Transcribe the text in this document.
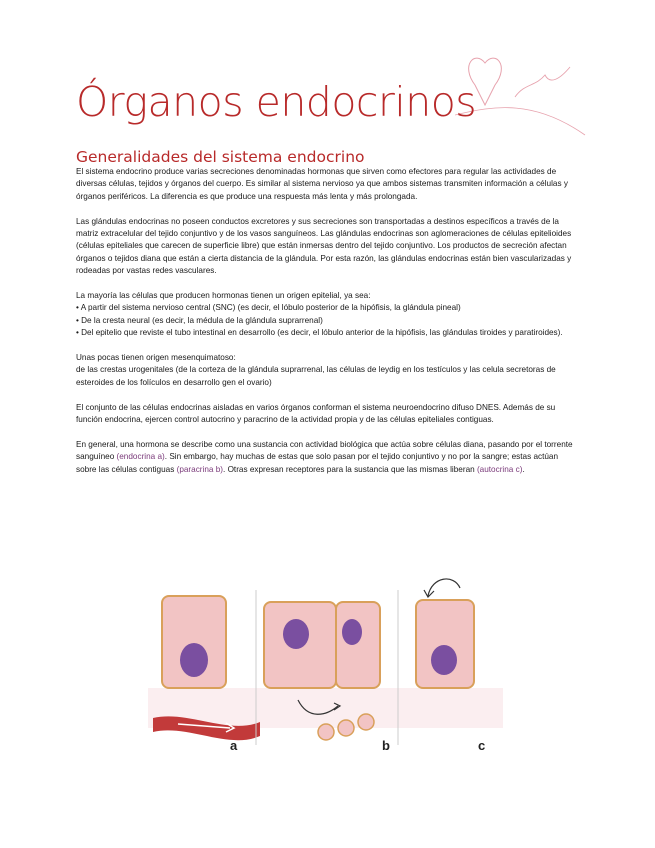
Órganos endocrinos
Generalidades del sistema endocrino

El sistema endocrino produce varias secreciones denominadas hormonas que sirven como efectores para regular las actividades de diversas células, tejidos y órganos del cuerpo. Es similar al sistema nervioso ya que ambos sistemas transmiten información a células y órganos periféricos. La diferencia es que produce una respuesta más lenta y más prolongada.

Las glándulas endocrinas no poseen conductos excretores y sus secreciones son transportadas a destinos específicos a través de la matriz extracelular del tejido conjuntivo y de los vasos sanguíneos. Las glándulas endocrinas son aglomeraciones de células epitelioides (células epiteliales que carecen de superficie libre) que están inmersas dentro del tejido conjuntivo. Los productos de secreción afectan órganos o tejidos diana que están a cierta distancia de la glándula. Por esta razón, las glándulas endocrinas están bien vascularizadas y rodeadas por vastas redes vasculares.

La mayoría las células que producen hormonas tienen un origen epitelial, ya sea:
• A partir del sistema nervioso central (SNC) (es decir, el lóbulo posterior de la hipófisis, la glándula pineal)
• De la cresta neural (es decir, la médula de la glándula suprarrenal)
• Del epitelio que reviste el tubo intestinal en desarrollo (es decir, el lóbulo anterior de la hipófisis, las glándulas tiroides y paratiroides).
Unas pocas tienen origen mesenquimatoso:
de las crestas urogenitales (de la corteza de la glándula suprarrenal, las células de leydig en los testículos y las celula secretoras de esteroides de los folículos en desarrollo gen el ovario)

El conjunto de las células endocrinas aisladas en varios órganos conforman el sistema neuroendocrino difuso DNES. Además de su función endocrina, ejercen control autocrino y paracrino de la actividad propia y de las células epiteliales contiguas.

En general, una hormona se describe como una sustancia con actividad biológica que actúa sobre células diana, pasando por el torrente sanguíneo (endocrina a). Sin embargo, hay muchas de estas que solo pasan por el tejido conjuntivo y no por la sangre; estas actúan sobre las células contiguas (paracrina b). Otras expresan receptores para la sustancia que las mismas liberan (autocrina c).

a	b	c
